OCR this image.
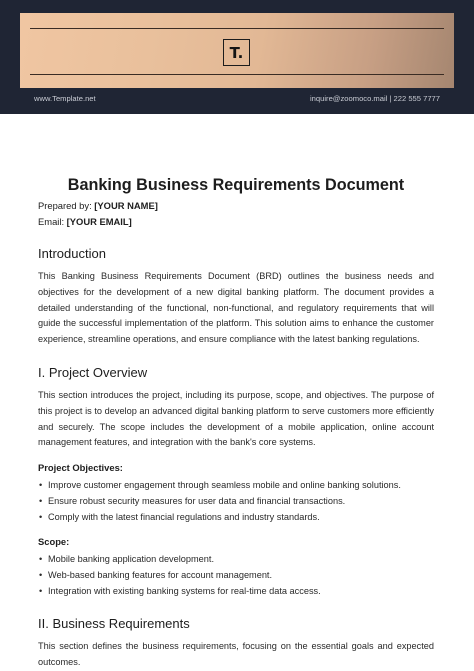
T.
www.Template.net	inquire@zoomoco.mail | 222 555 7777
Banking Business Requirements Document
Prepared by: [YOUR NAME]
Email: [YOUR EMAIL]
Introduction

This Banking Business Requirements Document (BRD) outlines the business needs and objectives for the development of a new digital banking platform. The document provides a detailed understanding of the functional, non-functional, and regulatory requirements that will guide the successful implementation of the platform. This solution aims to enhance the customer experience, streamline operations, and ensure compliance with the latest banking regulations.

I. Project Overview

This section introduces the project, including its purpose, scope, and objectives. The purpose of this project is to develop an advanced digital banking platform to serve customers more efficiently and securely. The scope includes the development of a mobile application, online account management features, and integration with the bank's core systems.

Project Objectives:
• Improve customer engagement through seamless mobile and online banking solutions.
• Ensure robust security measures for user data and financial transactions.
• Comply with the latest financial regulations and industry standards.
Scope:
• Mobile banking application development.
• Web-based banking features for account management.
• Integration with existing banking systems for real-time data access.
II. Business Requirements

This section defines the business requirements, focusing on the essential goals and expected outcomes.
